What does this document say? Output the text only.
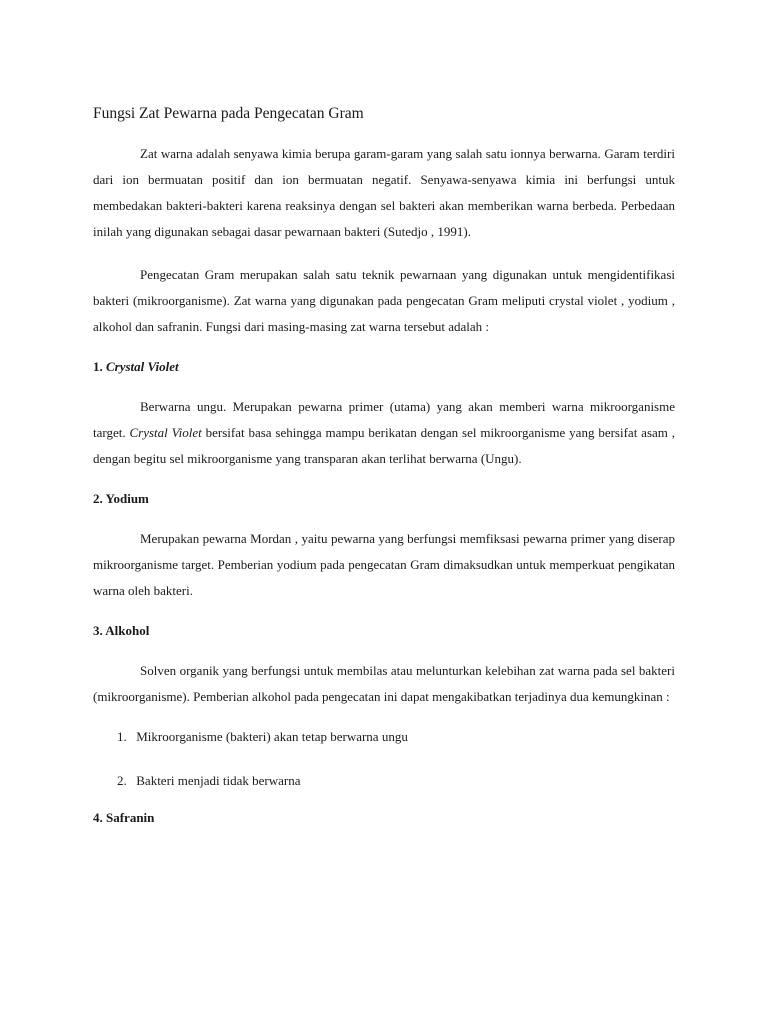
Fungsi Zat Pewarna pada Pengecatan Gram

Zat warna adalah senyawa kimia berupa garam-garam yang salah satu ionnya berwarna. Garam terdiri dari ion bermuatan positif dan ion bermuatan negatif. Senyawa-senyawa kimia ini berfungsi untuk membedakan bakteri-bakteri karena reaksinya dengan sel bakteri akan memberikan warna berbeda. Perbedaan inilah yang digunakan sebagai dasar pewarnaan bakteri (Sutedjo , 1991).

Pengecatan Gram merupakan salah satu teknik pewarnaan yang digunakan untuk mengidentifikasi bakteri (mikroorganisme). Zat warna yang digunakan pada pengecatan Gram meliputi crystal violet , yodium , alkohol dan safranin. Fungsi dari masing-masing zat warna tersebut adalah :

1. Crystal Violet

Berwarna ungu. Merupakan pewarna primer (utama) yang akan memberi warna mikroorganisme target. Crystal Violet bersifat basa sehingga mampu berikatan dengan sel mikroorganisme yang bersifat asam , dengan begitu sel mikroorganisme yang transparan akan terlihat berwarna (Ungu).

2. Yodium

Merupakan pewarna Mordan , yaitu pewarna yang berfungsi memfiksasi pewarna primer yang diserap mikroorganisme target. Pemberian yodium pada pengecatan Gram dimaksudkan untuk memperkuat pengikatan warna oleh bakteri.

3. Alkohol

Solven organik yang berfungsi untuk membilas atau melunturkan kelebihan zat warna pada sel bakteri (mikroorganisme). Pemberian alkohol pada pengecatan ini dapat mengakibatkan terjadinya dua kemungkinan :

1. Mikroorganisme (bakteri) akan tetap berwarna ungu
2. Bakteri menjadi tidak berwarna
4. Safranin
